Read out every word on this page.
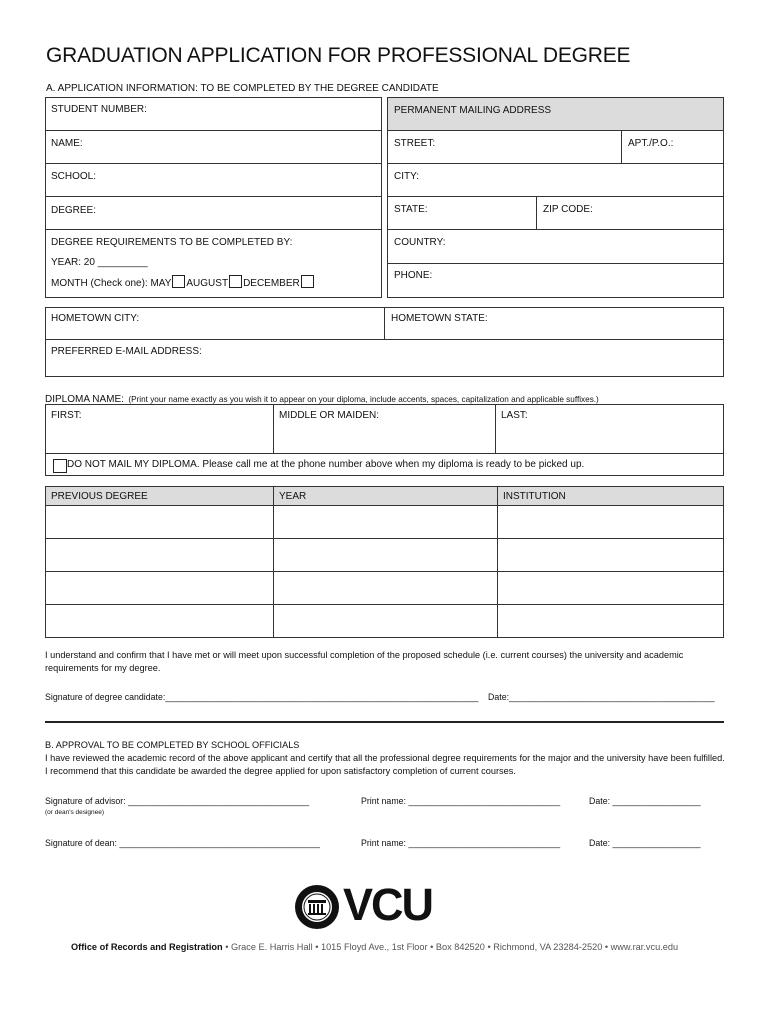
GRADUATION APPLICATION FOR PROFESSIONAL DEGREE
A. APPLICATION INFORMATION: TO BE COMPLETED BY THE DEGREE CANDIDATE
STUDENT NUMBER:
NAME:
SCHOOL:
DEGREE:
DEGREE REQUIREMENTS TO BE COMPLETED BY:
YEAR: 20 _________
MONTH (Check one): MAY AUGUST DECEMBER
PERMANENT MAILING ADDRESS
STREET:	APT./P.O.:
CITY:
STATE:	ZIP CODE:
COUNTRY:
PHONE:
HOMETOWN CITY:	HOMETOWN STATE:
PREFERRED E-MAIL ADDRESS:
DIPLOMA NAME: (Print your name exactly as you wish it to appear on your diploma, include accents, spaces, capitalization and applicable suffixes.)
FIRST:	MIDDLE OR MAIDEN:	LAST:
DO NOT MAIL MY DIPLOMA. Please call me at the phone number above when my diploma is ready to be picked up.
PREVIOUS DEGREE	YEAR	INSTITUTION

I understand and confirm that I have met or will meet upon successful completion of the proposed schedule (i.e. current courses) the university and academic requirements for my degree.
Signature of degree candidate:________________________________________________________________ Date:__________________________________________
B. APPROVAL TO BE COMPLETED BY SCHOOL OFFICIALS
I have reviewed the academic record of the above applicant and certify that all the professional degree requirements for the major and the university have been fulfilled. I recommend that this candidate be awarded the degree applied for upon satisfactory completion of current courses.
Signature of advisor: _____________________________________	Print name: _______________________________	Date: __________________
(or dean's designee)
Signature of dean: _________________________________________	Print name: _______________________________	Date: __________________
VCU
Office of Records and Registration • Grace E. Harris Hall • 1015 Floyd Ave., 1st Floor • Box 842520 • Richmond, VA 23284-2520 • www.rar.vcu.edu
